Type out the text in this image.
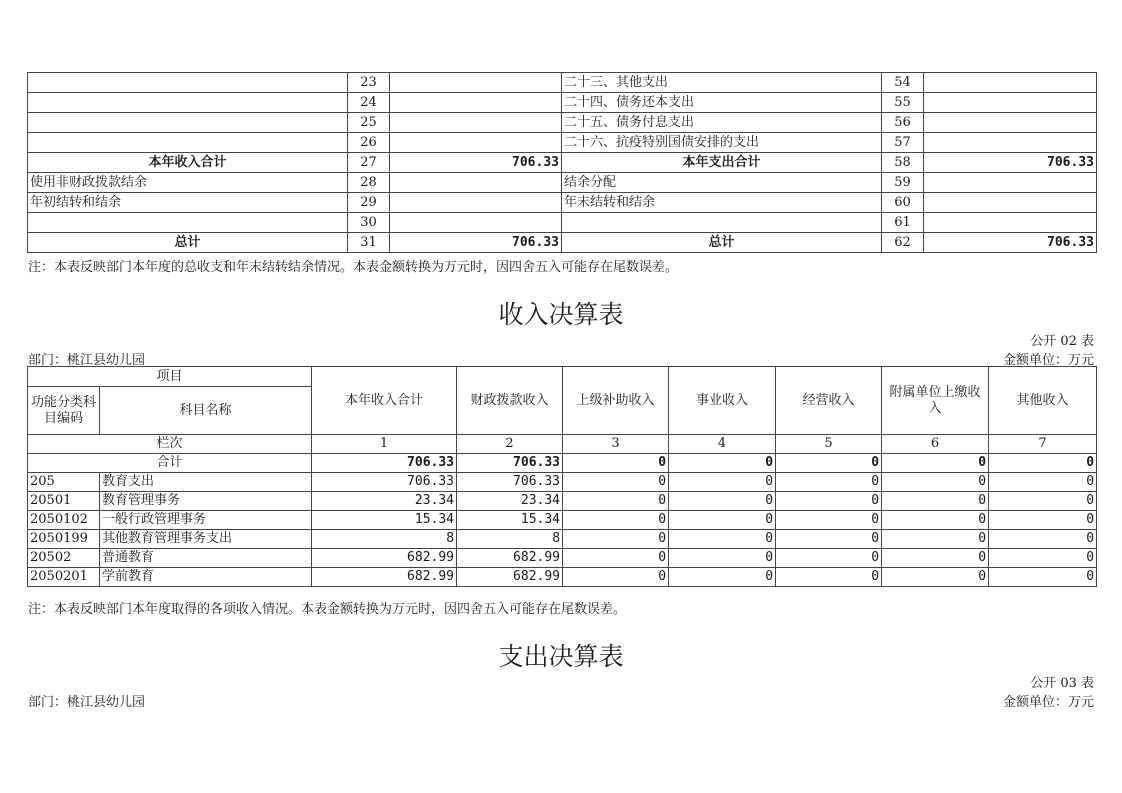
	23		二十三、其他支出	54	
	24		二十四、债务还本支出	55	
	25		二十五、债务付息支出	56	
	26		二十六、抗疫特别国债安排的支出	57	
本年收入合计	27	706.33	本年支出合计	58	706.33
使用非财政拨款结余	28		结余分配	59	
年初结转和结余	29		年末结转和结余	60	
	30			61	
总计	31	706.33	总计	62	706.33
注：本表反映部门本年度的总收支和年末结转结余情况。本表金额转换为万元时，因四舍五入可能存在尾数误差。
收入决算表
公开 02 表
部门：桃江县幼儿园	金额单位：万元
项目		本年收入合计	财政拨款收入	上级补助收入	事业收入	经营收入	附属单位上缴收入	其他收入
功能分类科目编码	科目名称							
栏次		1	2	3	4	5	6	7
合计		706.33	706.33	0	0	0	0	0
205	教育支出	706.33	706.33	0	0	0	0	0
20501	教育管理事务	23.34	23.34	0	0	0	0	0
2050102	一般行政管理事务	15.34	15.34	0	0	0	0	0
2050199	其他教育管理事务支出	8	8	0	0	0	0	0
20502	普通教育	682.99	682.99	0	0	0	0	0
2050201	学前教育	682.99	682.99	0	0	0	0	0
注：本表反映部门本年度取得的各项收入情况。本表金额转换为万元时，因四舍五入可能存在尾数误差。
支出决算表
公开 03 表
部门：桃江县幼儿园	金额单位：万元
